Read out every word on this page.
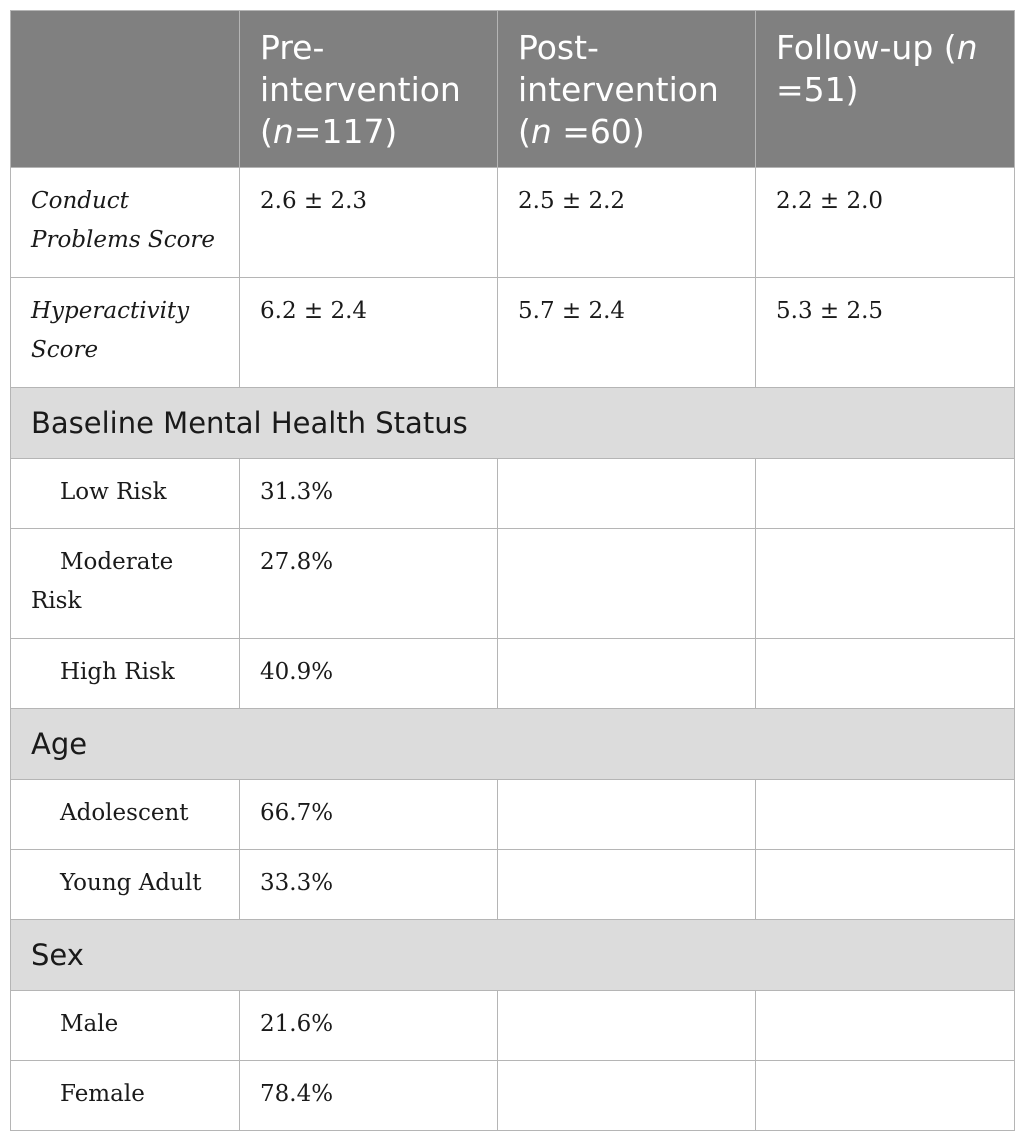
	Pre-intervention (n=117)	Post-intervention (n =60)	Follow-up (n =51)
Conduct Problems Score	2.6 ± 2.3	2.5 ± 2.2	2.2 ± 2.0
Hyperactivity Score	6.2 ± 2.4	5.7 ± 2.4	5.3 ± 2.5
Baseline Mental Health Status			
Low Risk	31.3%		
Moderate
Risk	27.8%		
High Risk	40.9%		
Age			
Adolescent	66.7%		
Young Adult	33.3%		
Sex			
Male	21.6%		
Female	78.4%		
